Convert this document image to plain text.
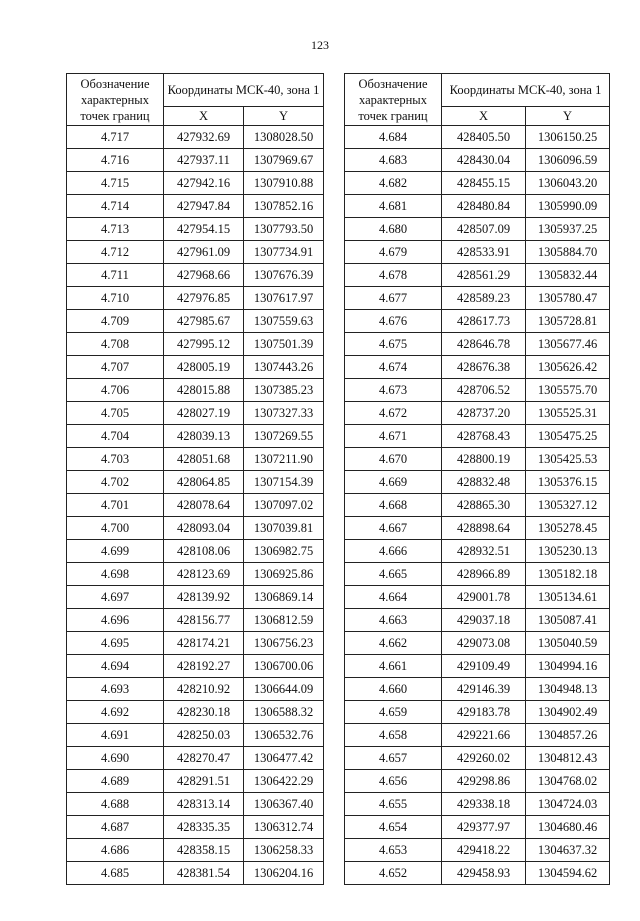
123
Обозначение характерных точек границ	Координаты МСК-40, зона 1	
	X	Y
4.717	427932.69	1308028.50
4.716	427937.11	1307969.67
4.715	427942.16	1307910.88
4.714	427947.84	1307852.16
4.713	427954.15	1307793.50
4.712	427961.09	1307734.91
4.711	427968.66	1307676.39
4.710	427976.85	1307617.97
4.709	427985.67	1307559.63
4.708	427995.12	1307501.39
4.707	428005.19	1307443.26
4.706	428015.88	1307385.23
4.705	428027.19	1307327.33
4.704	428039.13	1307269.55
4.703	428051.68	1307211.90
4.702	428064.85	1307154.39
4.701	428078.64	1307097.02
4.700	428093.04	1307039.81
4.699	428108.06	1306982.75
4.698	428123.69	1306925.86
4.697	428139.92	1306869.14
4.696	428156.77	1306812.59
4.695	428174.21	1306756.23
4.694	428192.27	1306700.06
4.693	428210.92	1306644.09
4.692	428230.18	1306588.32
4.691	428250.03	1306532.76
4.690	428270.47	1306477.42
4.689	428291.51	1306422.29
4.688	428313.14	1306367.40
4.687	428335.35	1306312.74
4.686	428358.15	1306258.33
4.685	428381.54	1306204.16
Обозначение характерных точек границ	Координаты МСК-40, зона 1	
	X	Y
4.684	428405.50	1306150.25
4.683	428430.04	1306096.59
4.682	428455.15	1306043.20
4.681	428480.84	1305990.09
4.680	428507.09	1305937.25
4.679	428533.91	1305884.70
4.678	428561.29	1305832.44
4.677	428589.23	1305780.47
4.676	428617.73	1305728.81
4.675	428646.78	1305677.46
4.674	428676.38	1305626.42
4.673	428706.52	1305575.70
4.672	428737.20	1305525.31
4.671	428768.43	1305475.25
4.670	428800.19	1305425.53
4.669	428832.48	1305376.15
4.668	428865.30	1305327.12
4.667	428898.64	1305278.45
4.666	428932.51	1305230.13
4.665	428966.89	1305182.18
4.664	429001.78	1305134.61
4.663	429037.18	1305087.41
4.662	429073.08	1305040.59
4.661	429109.49	1304994.16
4.660	429146.39	1304948.13
4.659	429183.78	1304902.49
4.658	429221.66	1304857.26
4.657	429260.02	1304812.43
4.656	429298.86	1304768.02
4.655	429338.18	1304724.03
4.654	429377.97	1304680.46
4.653	429418.22	1304637.32
4.652	429458.93	1304594.62
